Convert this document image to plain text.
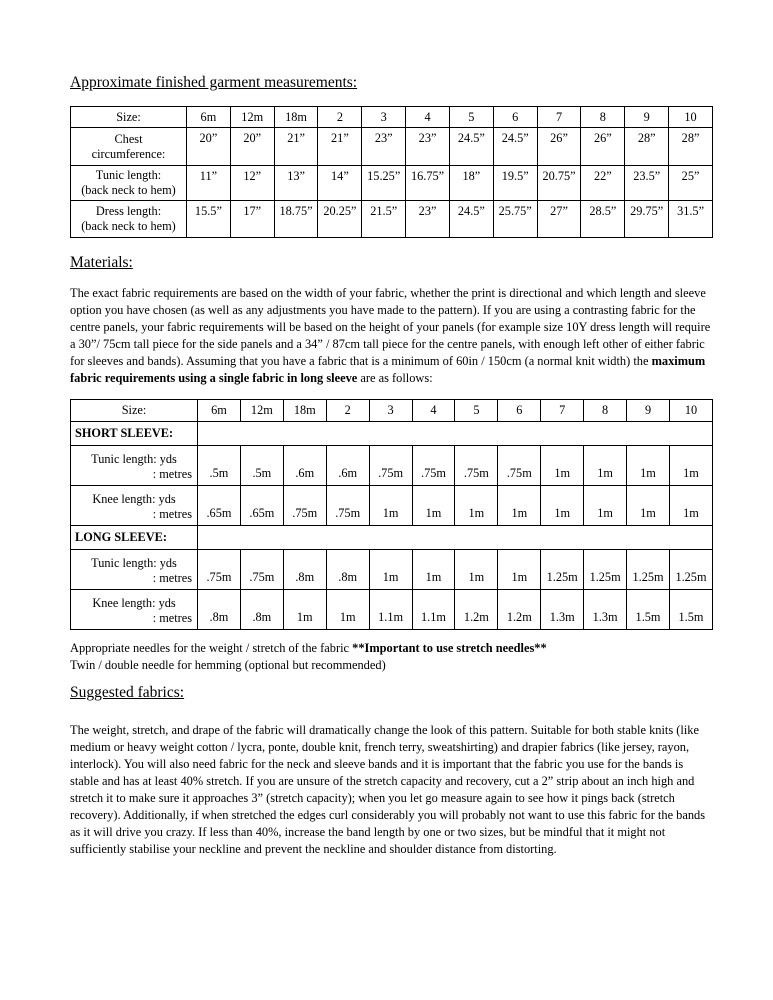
Approximate finished garment measurements:
Size:	6m	12m	18m	2	3	4	5	6	7	8	9	10

Chest
circumference:	20”	20”	21”	21”	23”	23”	24.5”	24.5”	26”	26”	28”	28”

Tunic length:
(back neck to hem)	11”	12”	13”	14”	15.25”	16.75”	18”	19.5”	20.75”	22”	23.5”	25”

Dress length:
(back neck to hem)	15.5”	17”	18.75”	20.25”	21.5”	23”	24.5”	25.75”	27”	28.5”	29.75”	31.5”
Materials:

The exact fabric requirements are based on the width of your fabric, whether the print is directional and which length and sleeve option you have chosen (as well as any adjustments you have made to the pattern). If you are using a contrasting fabric for the centre panels, your fabric requirements will be based on the height of your panels (for example size 10Y dress length will require a 30”/ 75cm tall piece for the side panels and a 34” / 87cm tall piece for the centre panels, with enough left other of either fabric for sleeves and bands). Assuming that you have a fabric that is a minimum of 60in / 150cm (a normal knit width) the maximum fabric requirements using a single fabric in long sleeve are as follows:

Size:	6m	12m	18m	2	3	4	5	6	7	8	9	10
SHORT SLEEVE:												

Tunic length: yds
: metres	.5m	.5m	.6m	.6m	.75m	.75m	.75m	.75m	1m	1m	1m	1m

Knee length: yds
: metres	.65m	.65m	.75m	.75m	1m	1m	1m	1m	1m	1m	1m	1m
LONG SLEEVE:												

Tunic length: yds
: metres	.75m	.75m	.8m	.8m	1m	1m	1m	1m	1.25m	1.25m	1.25m	1.25m

Knee length: yds
: metres	.8m	.8m	1m	1m	1.1m	1.1m	1.2m	1.2m	1.3m	1.3m	1.5m	1.5m

Appropriate needles for the weight / stretch of the fabric **Important to use stretch needles**
Twin / double needle for hemming (optional but recommended)

Suggested fabrics:

The weight, stretch, and drape of the fabric will dramatically change the look of this pattern. Suitable for both stable knits (like medium or heavy weight cotton / lycra, ponte, double knit, french terry, sweatshirting) and drapier fabrics (like jersey, rayon, interlock). You will also need fabric for the neck and sleeve bands and it is important that the fabric you use for the bands is stable and has at least 40% stretch. If you are unsure of the stretch capacity and recovery, cut a 2” strip about an inch high and stretch it to make sure it approaches 3” (stretch capacity); when you let go measure again to see how it pings back (stretch recovery). Additionally, if when stretched the edges curl considerably you will probably not want to use this fabric for the bands as it will drive you crazy. If less than 40%, increase the band length by one or two sizes, but be mindful that it might not sufficiently stabilise your neckline and prevent the neckline and shoulder distance from distorting.
